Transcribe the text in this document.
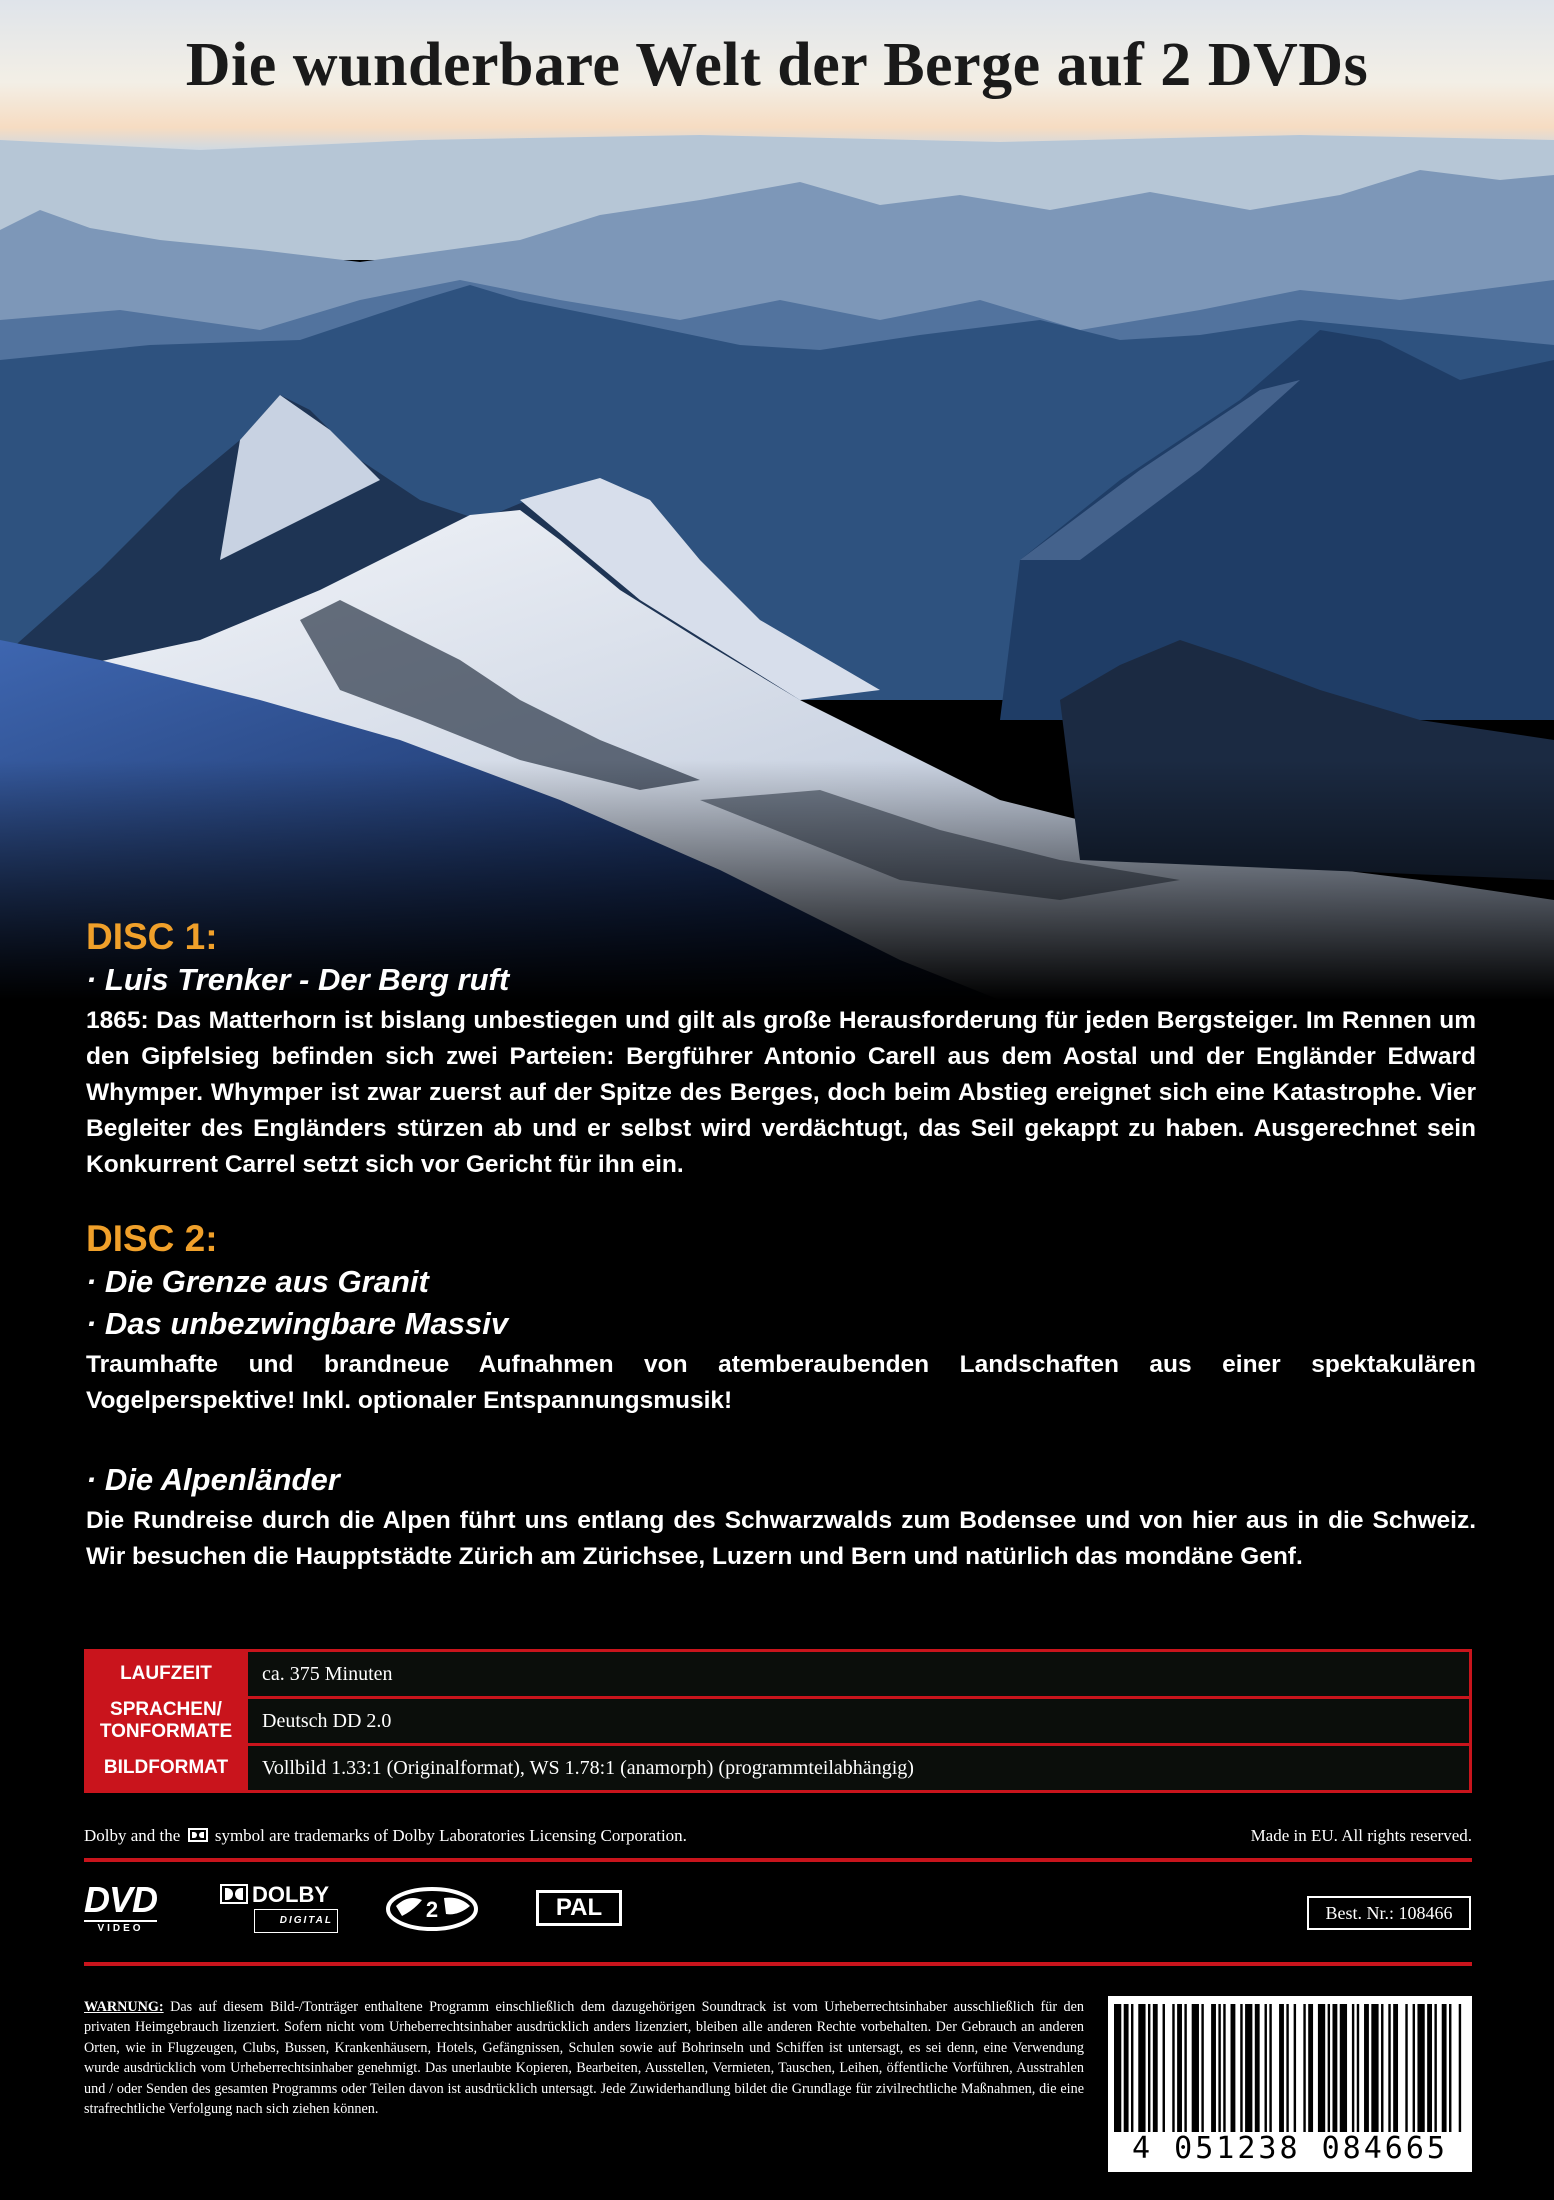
Die wunderbare Welt der Berge auf 2 DVDs

DISC 1:

· Luis Trenker - Der Berg ruft

1865: Das Matterhorn ist bislang unbestiegen und gilt als große Herausforderung für jeden Bergsteiger. Im Rennen um den Gipfelsieg befinden sich zwei Parteien: Bergführer Antonio Carell aus dem Aostal und der Engländer Edward Whymper. Whymper ist zwar zuerst auf der Spitze des Berges, doch beim Abstieg ereignet sich eine Katastrophe. Vier Begleiter des Engländers stürzen ab und er selbst wird verdächtugt, das Seil gekappt zu haben. Ausgerechnet sein Konkurrent Carrel setzt sich vor Gericht für ihn ein.

DISC 2:

· Die Grenze aus Granit

· Das unbezwingbare Massiv

Traumhafte und brandneue Aufnahmen von atemberaubenden Landschaften aus einer spektakulären Vogelperspektive! Inkl. optionaler Entspannungsmusik!

· Die Alpenländer

Die Rundreise durch die Alpen führt uns entlang des Schwarzwalds zum Bodensee und von hier aus in die Schweiz. Wir besuchen die Haupptstädte Zürich am Zürichsee, Luzern und Bern und natürlich das mondäne Genf.

LAUFZEIT	ca. 375 Minuten

SPRACHEN/
TONFORMATE	Deutsch DD 2.0
BILDFORMAT	Vollbild 1.33:1 (Originalformat), WS 1.78:1 (anamorph) (programmteilabhängig)
Dolby and the symbol are trademarks of Dolby Laboratories Licensing Corporation.	Made in EU. All rights reserved.
DVD
VIDEO
DOLBY
DIGITAL	2	PAL	Best. Nr.: 108466

WARNUNG: Das auf diesem Bild-/Tonträger enthaltene Programm einschließlich dem dazugehörigen Soundtrack ist vom Urheberrechtsinhaber ausschließlich für den privaten Heimgebrauch lizenziert. Sofern nicht vom Urheberrechtsinhaber ausdrücklich anders lizenziert, bleiben alle anderen Rechte vorbehalten. Der Gebrauch an anderen Orten, wie in Flugzeugen, Clubs, Bussen, Krankenhäusern, Hotels, Gefängnissen, Schulen sowie auf Bohrinseln und Schiffen ist untersagt, es sei denn, eine Verwendung wurde ausdrücklich vom Urheberrechtsinhaber genehmigt. Das unerlaubte Kopieren, Bearbeiten, Ausstellen, Vermieten, Tauschen, Leihen, öffentliche Vorführen, Ausstrahlen und / oder Senden des gesamten Programms oder Teilen davon ist ausdrücklich untersagt. Jede Zuwiderhandlung bildet die Grundlage für zivilrechtliche Maßnahmen, die eine strafrechtliche Verfolgung nach sich ziehen können.

4 051238 084665
